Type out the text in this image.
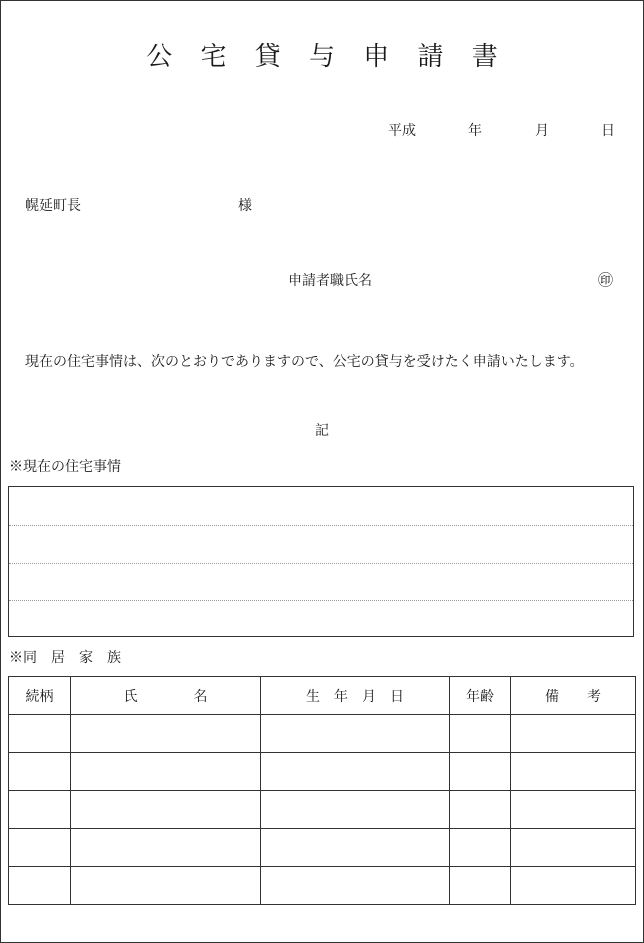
公 宅 貸 与 申 請 書
平成	年	月	日
幌延町長	様
申請者職氏名	㊞
現在の住宅事情は、次のとおりでありますので、公宅の貸与を受けたく申請いたします。
記
※現在の住宅事情
※同　居　家　族
続柄	氏　　　　名	生　年　月　日	年齢	備　　考
